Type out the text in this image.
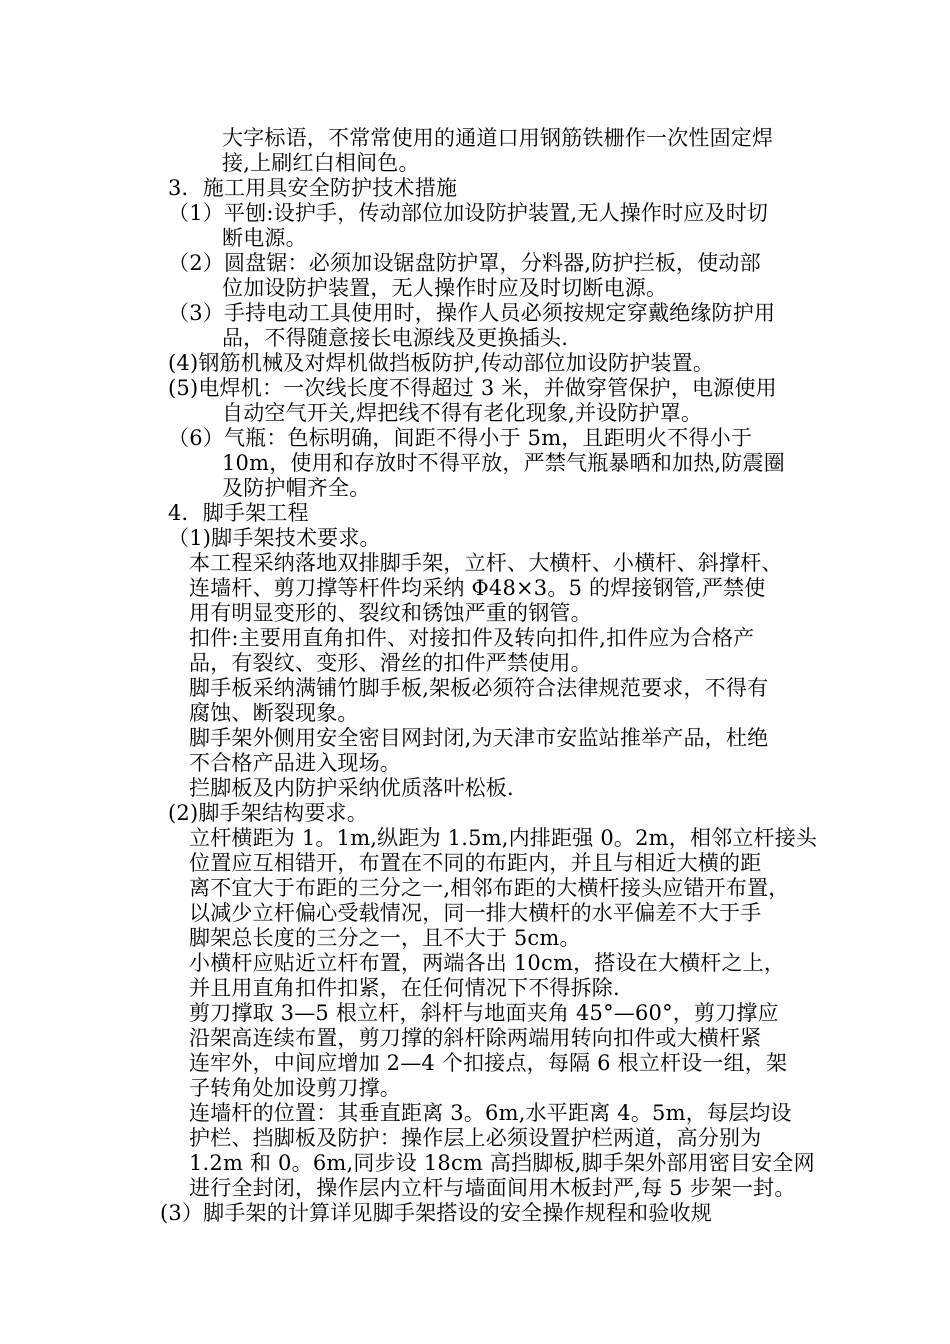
大字标语，不常常使用的通道口用钢筋铁栅作一次性固定焊
接,上刷红白相间色。
3．施工用具安全防护技术措施
（1）平刨:设护手，传动部位加设防护装置,无人操作时应及时切
断电源。
（2）圆盘锯：必须加设锯盘防护罩，分料器,防护拦板，使动部
位加设防护装置，无人操作时应及时切断电源。
（3）手持电动工具使用时，操作人员必须按规定穿戴绝缘防护用
品，不得随意接长电源线及更换插头.
(4)钢筋机械及对焊机做挡板防护,传动部位加设防护装置。
(5)电焊机：一次线长度不得超过 3 米，并做穿管保护，电源使用
自动空气开关,焊把线不得有老化现象,并设防护罩。
（6）气瓶：色标明确，间距不得小于 5m，且距明火不得小于
10m，使用和存放时不得平放，严禁气瓶暴晒和加热,防震圈
及防护帽齐全。
4．脚手架工程
（1)脚手架技术要求。
本工程采纳落地双排脚手架，立杆、大横杆、小横杆、斜撑杆、
连墙杆、剪刀撑等杆件均采纳 Φ48×3。5 的焊接钢管,严禁使
用有明显变形的、裂纹和锈蚀严重的钢管。
扣件:主要用直角扣件、对接扣件及转向扣件,扣件应为合格产
品，有裂纹、变形、滑丝的扣件严禁使用。
脚手板采纳满铺竹脚手板,架板必须符合法律规范要求，不得有
腐蚀、断裂现象。
脚手架外侧用安全密目网封闭,为天津市安监站推举产品，杜绝
不合格产品进入现场。
拦脚板及内防护采纳优质落叶松板.
(2)脚手架结构要求。
立杆横距为 1。1m,纵距为 1.5m,内排距强 0。2m，相邻立杆接头
位置应互相错开，布置在不同的布距内，并且与相近大横的距
离不宜大于布距的三分之一,相邻布距的大横杆接头应错开布置，
以减少立杆偏心受载情况，同一排大横杆的水平偏差不大于手
脚架总长度的三分之一，且不大于 5cm。
小横杆应贴近立杆布置，两端各出 10cm，搭设在大横杆之上，
并且用直角扣件扣紧，在任何情况下不得拆除.
剪刀撑取 3—5 根立杆，斜杆与地面夹角 45°—60°，剪刀撑应
沿架高连续布置，剪刀撑的斜杆除两端用转向扣件或大横杆紧
连牢外，中间应增加 2—4 个扣接点，每隔 6 根立杆设一组，架
子转角处加设剪刀撑。
连墙杆的位置：其垂直距离 3。6m,水平距离 4。5m，每层均设
护栏、挡脚板及防护：操作层上必须设置护栏两道，高分别为
1.2m 和 0。6m,同步设 18cm 高挡脚板,脚手架外部用密目安全网
进行全封闭，操作层内立杆与墙面间用木板封严,每 5 步架一封。
(3）脚手架的计算详见脚手架搭设的安全操作规程和验收规
